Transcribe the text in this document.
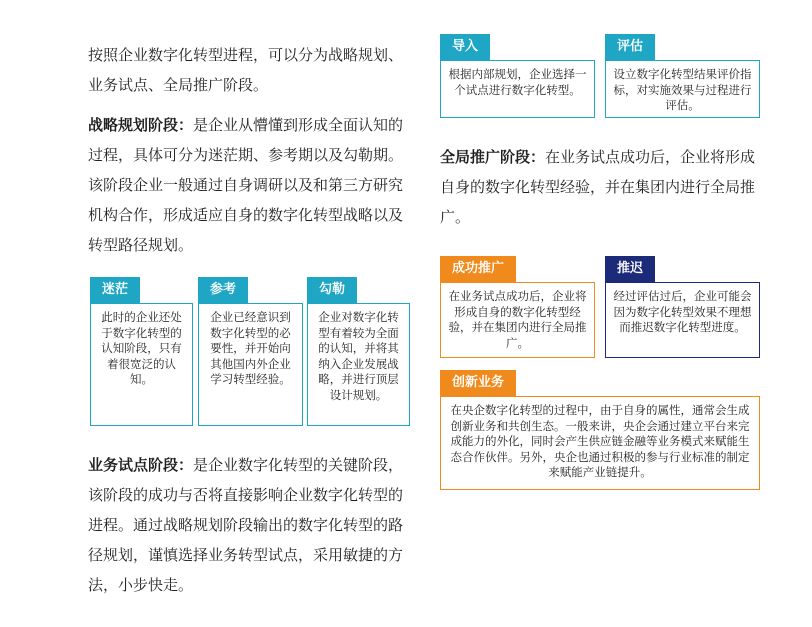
按照企业数字化转型进程，可以分为战略规划、业务试点、全局推广阶段。

战略规划阶段：是企业从懵懂到形成全面认知的过程，具体可分为迷茫期、参考期以及勾勒期。该阶段企业一般通过自身调研以及和第三方研究机构合作，形成适应自身的数字化转型战略以及转型路径规划。

迷茫
此时的企业还处于数字化转型的认知阶段，只有着很宽泛的认知。
参考
企业已经意识到数字化转型的必要性，并开始向其他国内外企业学习转型经验。
勾勒
企业对数字化转型有着较为全面的认知，并将其纳入企业发展战略，并进行顶层设计规划。

业务试点阶段：是企业数字化转型的关键阶段，该阶段的成功与否将直接影响企业数字化转型的进程。通过战略规划阶段输出的数字化转型的路径规划，谨慎选择业务转型试点，采用敏捷的方法，小步快走。

导入
根据内部规划，企业选择一个试点进行数字化转型。
评估
设立数字化转型结果评价指标，对实施效果与过程进行评估。

全局推广阶段：在业务试点成功后，企业将形成自身的数字化转型经验，并在集团内进行全局推广。

成功推广
在业务试点成功后，企业将形成自身的数字化转型经验，并在集团内进行全局推广。
推迟
经过评估过后，企业可能会因为数字化转型效果不理想而推迟数字化转型进度。
创新业务
在央企数字化转型的过程中，由于自身的属性，通常会生成创新业务和共创生态。一般来讲，央企会通过建立平台来完成能力的外化，同时会产生供应链金融等业务模式来赋能生态合作伙伴。另外，央企也通过积极的参与行业标准的制定来赋能产业链提升。
